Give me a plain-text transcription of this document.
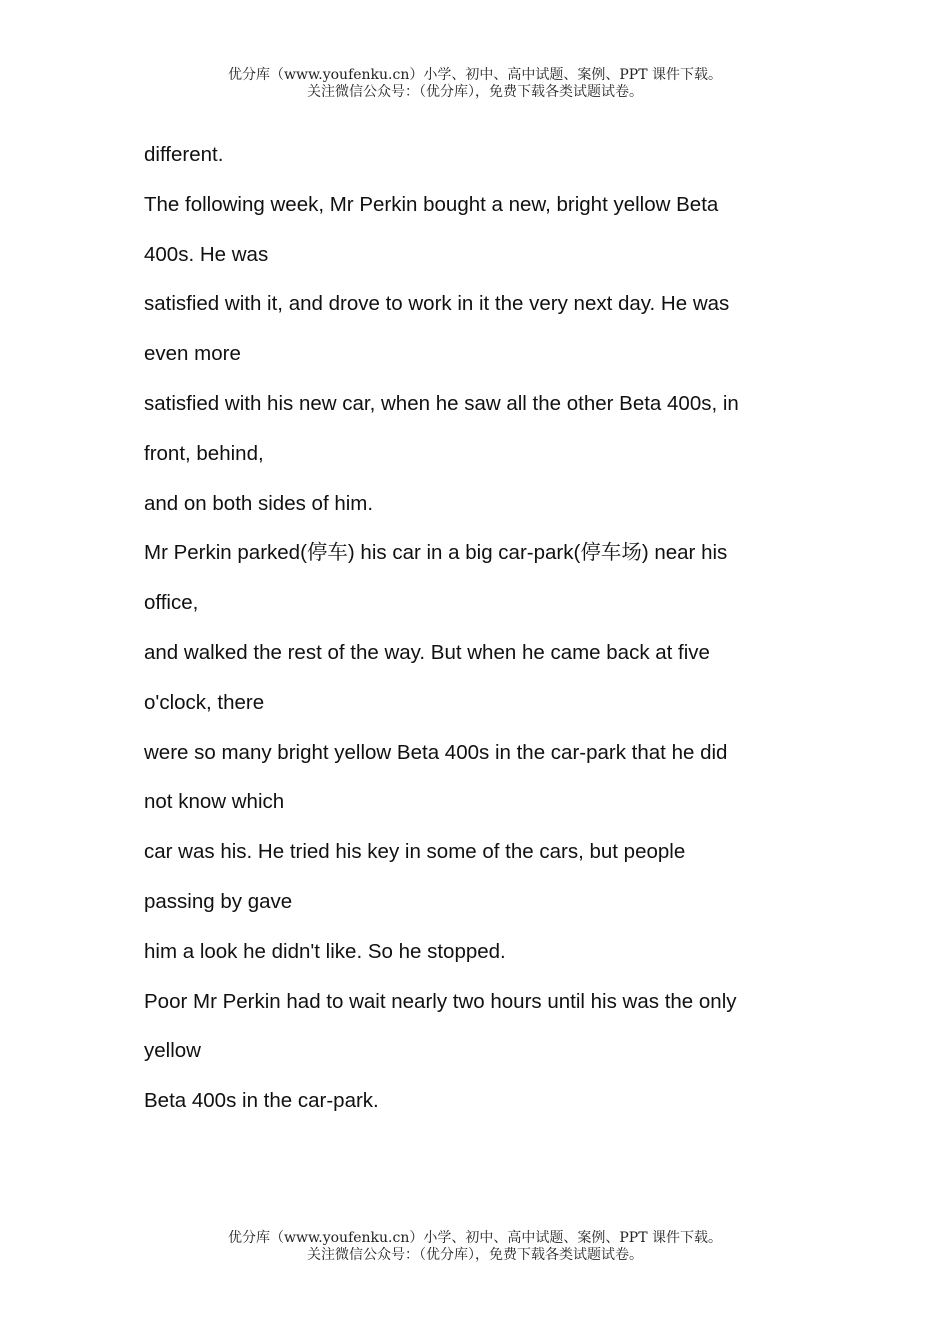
优分库（www.youfenku.cn）小学、初中、高中试题、案例、PPT 课件下载。
关注微信公众号：（优分库），免费下载各类试题试卷。
different.
The following week, Mr Perkin bought a new, bright yellow Beta
400s. He was
satisfied with it, and drove to work in it the very next day. He was
even more
satisfied with his new car, when he saw all the other Beta 400s, in
front, behind,
and on both sides of him.
Mr Perkin parked(停车) his car in a big car-park(停车场) near his
office,
and walked the rest of the way. But when he came back at five
o'clock, there
were so many bright yellow Beta 400s in the car-park that he did
not know which
car was his. He tried his key in some of the cars, but people
passing by gave
him a look he didn't like. So he stopped.
Poor Mr Perkin had to wait nearly two hours until his was the only
yellow
Beta 400s in the car-park.
优分库（www.youfenku.cn）小学、初中、高中试题、案例、PPT 课件下载。
关注微信公众号：（优分库），免费下载各类试题试卷。
